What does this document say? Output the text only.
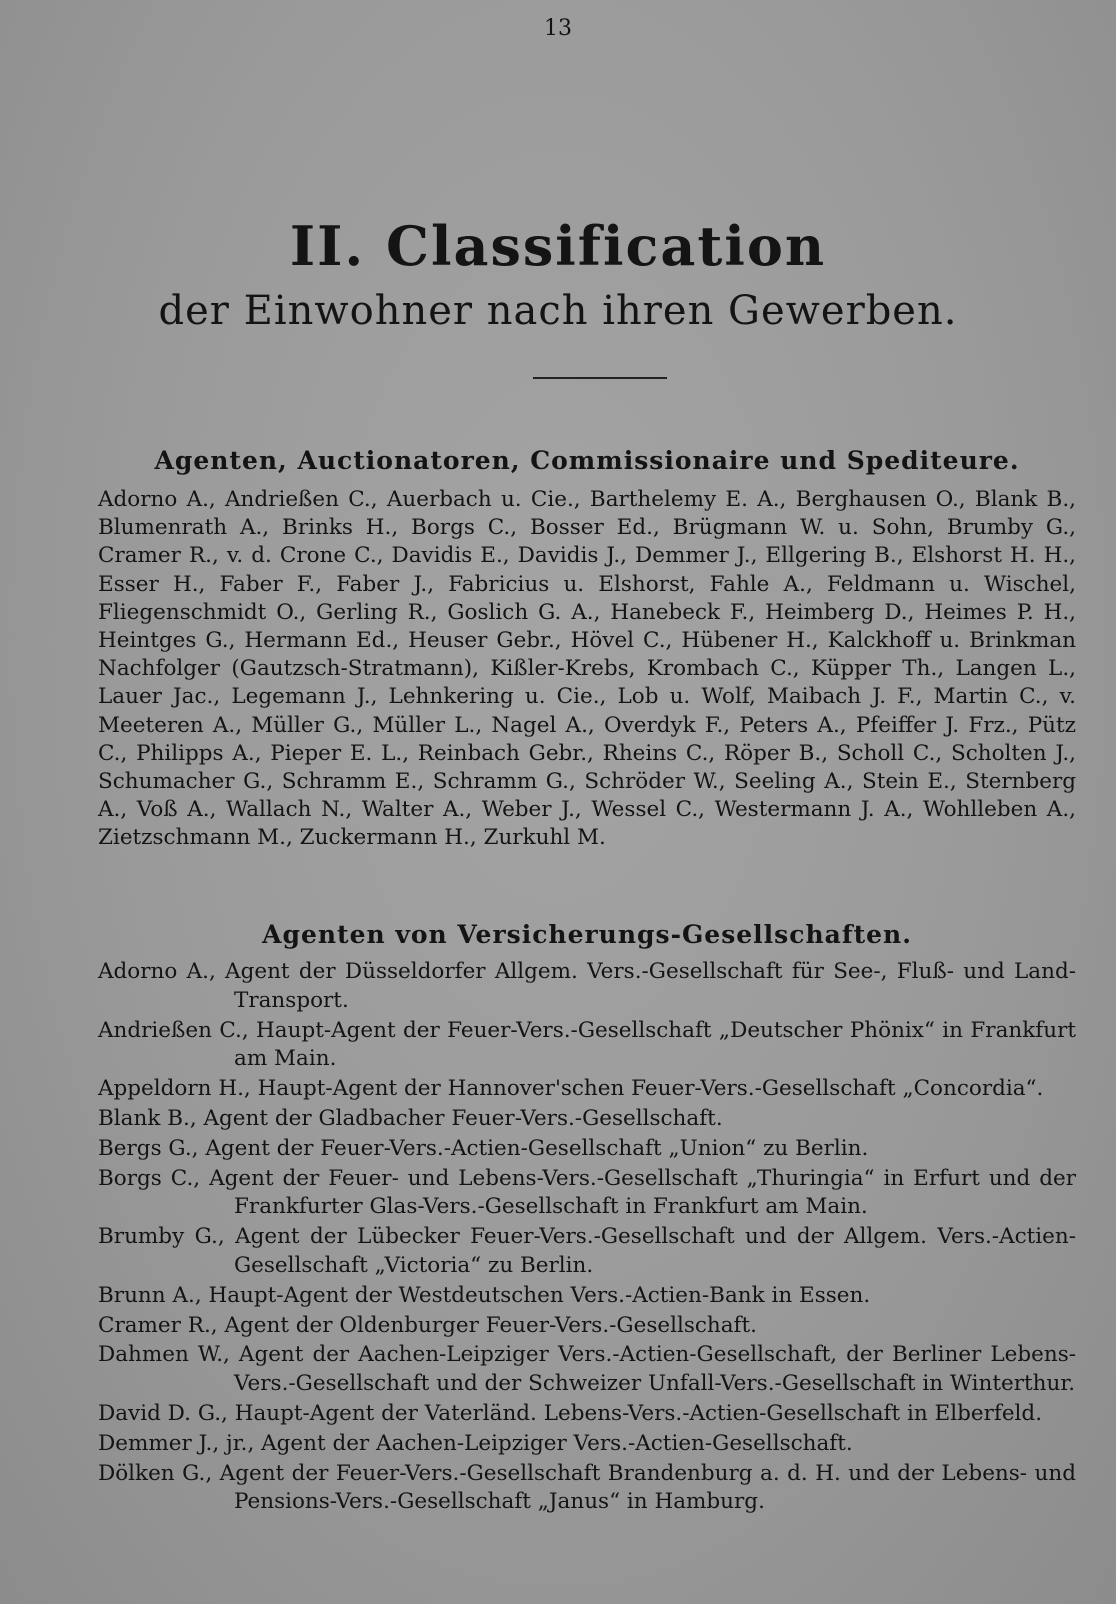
13
II. Classification
der Einwohner nach ihren Gewerben.
Agenten, Auctionatoren, Commissionaire und Spediteure.

Adorno A., Andrießen C., Auerbach u. Cie., Barthelemy E. A., Berghausen O., Blank B., Blumenrath A., Brinks H., Borgs C., Bosser Ed., Brügmann W. u. Sohn, Brumby G., Cramer R., v. d. Crone C., Davidis E., Davidis J., Demmer J., Ellgering B., Elshorst H. H., Esser H., Faber F., Faber J., Fabricius u. Elshorst, Fahle A., Feldmann u. Wischel, Fliegenschmidt O., Gerling R., Goslich G. A., Hanebeck F., Heimberg D., Heimes P. H., Heintges G., Hermann Ed., Heuser Gebr., Hövel C., Hübener H., Kalckhoff u. Brinkman Nachfolger (Gautzsch-Stratmann), Kißler-Krebs, Krombach C., Küpper Th., Langen L., Lauer Jac., Legemann J., Lehnkering u. Cie., Lob u. Wolf, Maibach J. F., Martin C., v. Meeteren A., Müller G., Müller L., Nagel A., Overdyk F., Peters A., Pfeiffer J. Frz., Pütz C., Philipps A., Pieper E. L., Reinbach Gebr., Rheins C., Röper B., Scholl C., Scholten J., Schumacher G., Schramm E., Schramm G., Schröder W., Seeling A., Stein E., Sternberg A., Voß A., Wallach N., Walter A., Weber J., Wessel C., Westermann J. A., Wohlleben A., Zietzschmann M., Zuckermann H., Zurkuhl M.

Agenten von Versicherungs-Gesellschaften.
Adorno A., Agent der Düsseldorfer Allgem. Vers.-Gesellschaft für See-, Fluß- und Land-Transport.
Andrießen C., Haupt-Agent der Feuer-Vers.-Gesellschaft „Deutscher Phönix“ in Frankfurt am Main.
Appeldorn H., Haupt-Agent der Hannover'schen Feuer-Vers.-Gesellschaft „Concordia“.
Blank B., Agent der Gladbacher Feuer-Vers.-Gesellschaft.
Bergs G., Agent der Feuer-Vers.-Actien-Gesellschaft „Union“ zu Berlin.
Borgs C., Agent der Feuer- und Lebens-Vers.-Gesellschaft „Thuringia“ in Erfurt und der Frankfurter Glas-Vers.-Gesellschaft in Frankfurt am Main.
Brumby G., Agent der Lübecker Feuer-Vers.-Gesellschaft und der Allgem. Vers.-Actien-Gesellschaft „Victoria“ zu Berlin.
Brunn A., Haupt-Agent der Westdeutschen Vers.-Actien-Bank in Essen.
Cramer R., Agent der Oldenburger Feuer-Vers.-Gesellschaft.
Dahmen W., Agent der Aachen-Leipziger Vers.-Actien-Gesellschaft, der Berliner Lebens-Vers.-Gesellschaft und der Schweizer Unfall-Vers.-Gesellschaft in Winterthur.
David D. G., Haupt-Agent der Vaterländ. Lebens-Vers.-Actien-Gesellschaft in Elberfeld.
Demmer J., jr., Agent der Aachen-Leipziger Vers.-Actien-Gesellschaft.
Dölken G., Agent der Feuer-Vers.-Gesellschaft Brandenburg a. d. H. und der Lebens- und Pensions-Vers.-Gesellschaft „Janus“ in Hamburg.
